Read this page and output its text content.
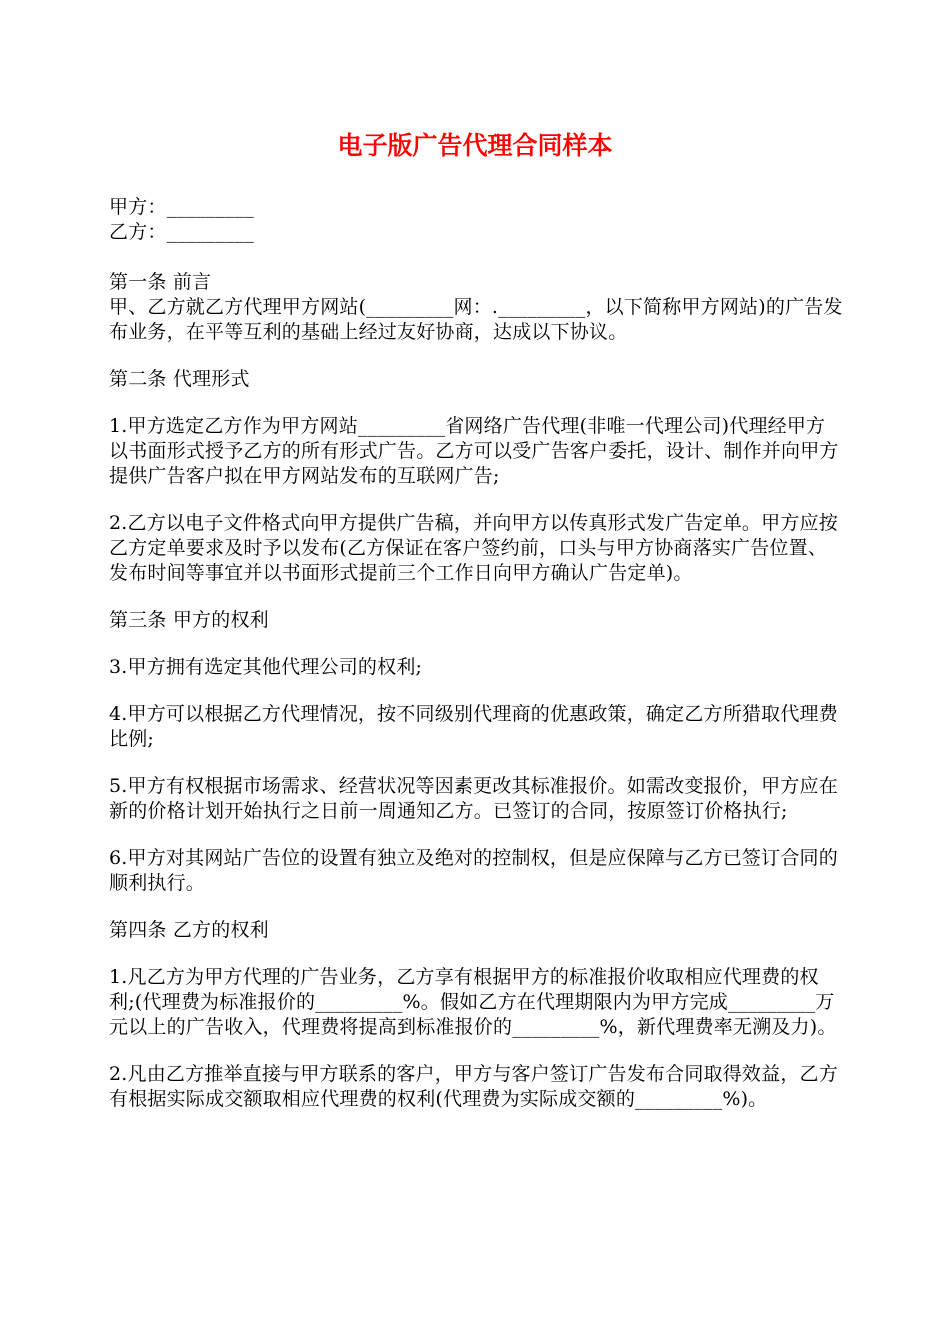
电子版广告代理合同样本

甲方：_________

乙方：_________

第一条 前言

甲、乙方就乙方代理甲方网站(_________网：._________，以下简称甲方网站)的广告发布业务，在平等互利的基础上经过友好协商，达成以下协议。

第二条 代理形式

1.甲方选定乙方作为甲方网站_________省网络广告代理(非唯一代理公司)代理经甲方以书面形式授予乙方的所有形式广告。乙方可以受广告客户委托，设计、制作并向甲方提供广告客户拟在甲方网站发布的互联网广告;

2.乙方以电子文件格式向甲方提供广告稿，并向甲方以传真形式发广告定单。甲方应按乙方定单要求及时予以发布(乙方保证在客户签约前，口头与甲方协商落实广告位置、发布时间等事宜并以书面形式提前三个工作日向甲方确认广告定单)。

第三条 甲方的权利

3.甲方拥有选定其他代理公司的权利;

4.甲方可以根据乙方代理情况，按不同级别代理商的优惠政策，确定乙方所猎取代理费比例;

5.甲方有权根据市场需求、经营状况等因素更改其标准报价。如需改变报价，甲方应在新的价格计划开始执行之日前一周通知乙方。已签订的合同，按原签订价格执行;

6.甲方对其网站广告位的设置有独立及绝对的控制权，但是应保障与乙方已签订合同的顺利执行。

第四条 乙方的权利

1.凡乙方为甲方代理的广告业务，乙方享有根据甲方的标准报价收取相应代理费的权利;(代理费为标准报价的_________%。假如乙方在代理期限内为甲方完成_________万元以上的广告收入，代理费将提高到标准报价的_________%，新代理费率无溯及力)。

2.凡由乙方推举直接与甲方联系的客户，甲方与客户签订广告发布合同取得效益，乙方有根据实际成交额取相应代理费的权利(代理费为实际成交额的_________%)。
